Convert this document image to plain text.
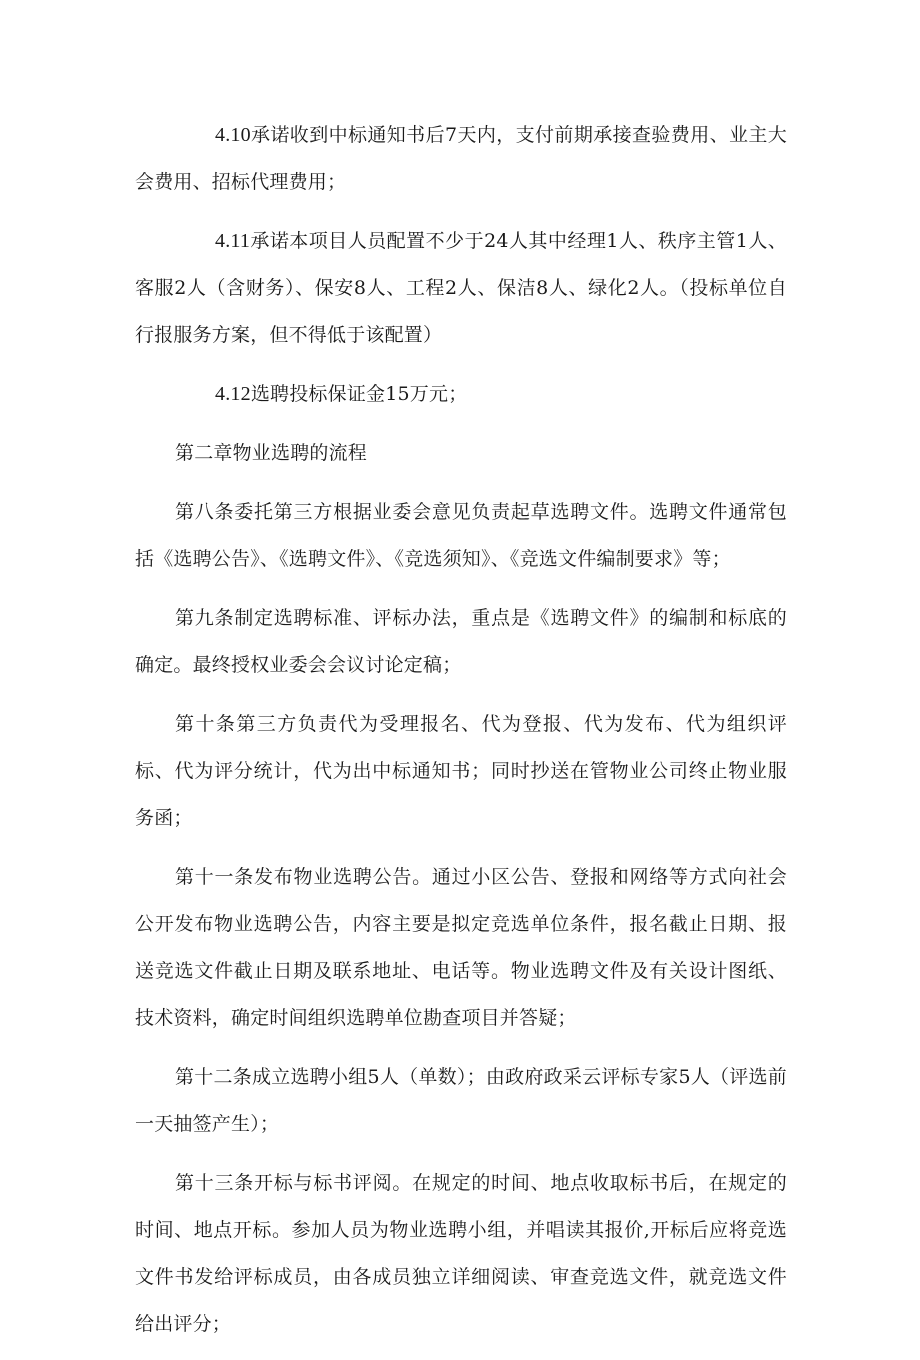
4.10承诺收到中标通知书后7天内，支付前期承接查验费用、业主大会费用、招标代理费用；

4.11承诺本项目人员配置不少于24人其中经理1人、秩序主管1人、客服2人（含财务）、保安8人、工程2人、保洁8人、绿化2人。（投标单位自行报服务方案，但不得低于该配置）

4.12选聘投标保证金15万元；

第二章物业选聘的流程

第八条委托第三方根据业委会意见负责起草选聘文件。选聘文件通常包括《选聘公告》、《选聘文件》、《竞选须知》、《竞选文件编制要求》等；

第九条制定选聘标准、评标办法，重点是《选聘文件》的编制和标底的确定。最终授权业委会会议讨论定稿；

第十条第三方负责代为受理报名、代为登报、代为发布、代为组织评标、代为评分统计，代为出中标通知书；同时抄送在管物业公司终止物业服务函；

第十一条发布物业选聘公告。通过小区公告、登报和网络等方式向社会公开发布物业选聘公告，内容主要是拟定竞选单位条件，报名截止日期、报送竞选文件截止日期及联系地址、电话等。物业选聘文件及有关设计图纸、技术资料，确定时间组织选聘单位勘查项目并答疑；

第十二条成立选聘小组5人（单数）；由政府政采云评标专家5人（评选前一天抽签产生）；

第十三条开标与标书评阅。在规定的时间、地点收取标书后，在规定的时间、地点开标。参加人员为物业选聘小组，并唱读其报价,开标后应将竞选文件书发给评标成员，由各成员独立详细阅读、审查竞选文件，就竞选文件给出评分；
